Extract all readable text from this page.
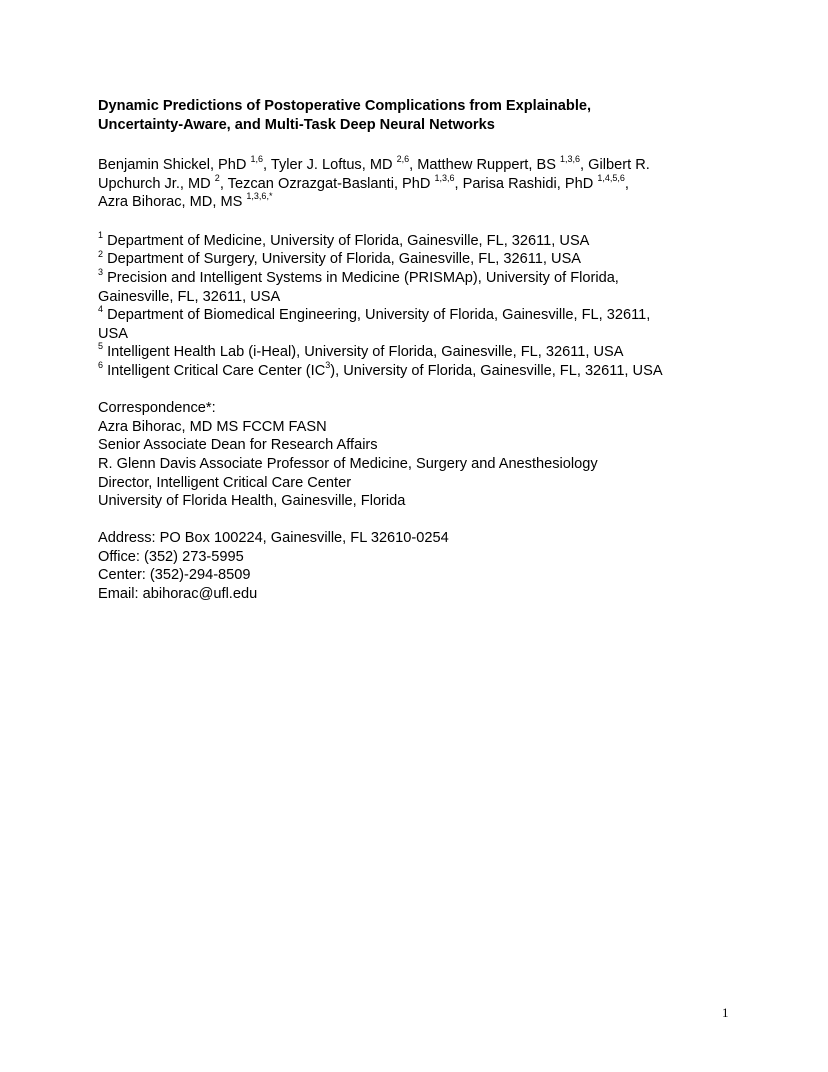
Dynamic Predictions of Postoperative Complications from Explainable,
Uncertainty-Aware, and Multi-Task Deep Neural Networks
Benjamin Shickel, PhD $^{1,6}$, Tyler J. Loftus, MD $^{2,6}$, Matthew Ruppert, BS $^{1,3,6}$, Gilbert R.
Upchurch Jr., MD $^2$, Tezcan Ozrazgat-Baslanti, PhD $^{1,3,6}$, Parisa Rashidi, PhD $^{1,4,5,6}$,
Azra Bihorac, MD, MS $^{1,3,6,*}$
$^1$ Department of Medicine, University of Florida, Gainesville, FL, 32611, USA
$^2$ Department of Surgery, University of Florida, Gainesville, FL, 32611, USA
$^3$ Precision and Intelligent Systems in Medicine (PRISMAp), University of Florida,
Gainesville, FL, 32611, USA
$^4$ Department of Biomedical Engineering, University of Florida, Gainesville, FL, 32611,
USA
$^5$ Intelligent Health Lab (i-Heal), University of Florida, Gainesville, FL, 32611, USA
$^6$ Intelligent Critical Care Center $(IC^3)$, University of Florida, Gainesville, FL, 32611, USA
Correspondence*:
Azra Bihorac, MD MS FCCM FASN
Senior Associate Dean for Research Affairs
R. Glenn Davis Associate Professor of Medicine, Surgery and Anesthesiology
Director, Intelligent Critical Care Center
University of Florida Health, Gainesville, Florida
Address: PO Box 100224, Gainesville, FL 32610-0254
Office: (352) 273-5995
Center: (352)-294-8509
Email: abihorac@ufl.edu
1
